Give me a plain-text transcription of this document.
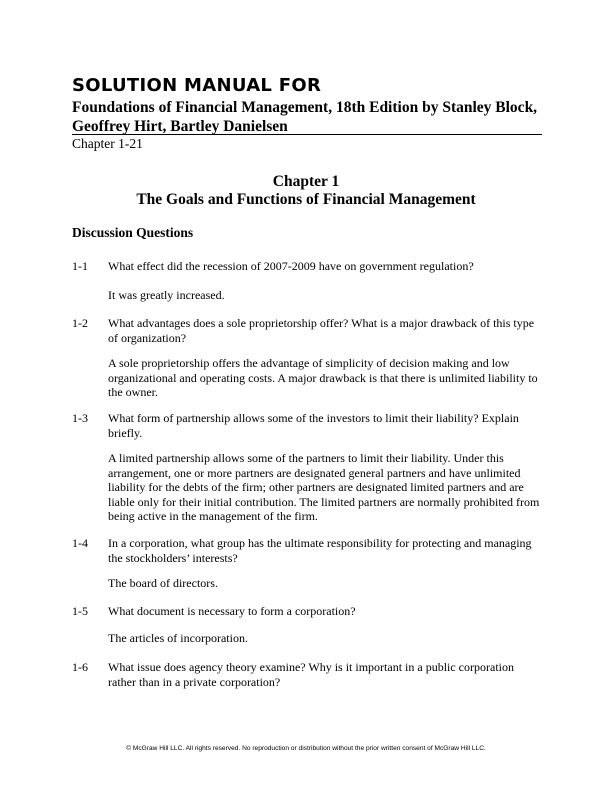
SOLUTION MANUAL FOR
Foundations of Financial Management, 18th Edition by Stanley Block, Geoffrey Hirt, Bartley Danielsen
Chapter 1-21
Chapter 1
The Goals and Functions of Financial Management
Discussion Questions
1-1 What effect did the recession of 2007-2009 have on government regulation?
It was greatly increased.
1-2 What advantages does a sole proprietorship offer? What is a major drawback of this type of organization?
A sole proprietorship offers the advantage of simplicity of decision making and low organizational and operating costs. A major drawback is that there is unlimited liability to the owner.
1-3 What form of partnership allows some of the investors to limit their liability? Explain briefly.
A limited partnership allows some of the partners to limit their liability. Under this arrangement, one or more partners are designated general partners and have unlimited liability for the debts of the firm; other partners are designated limited partners and are liable only for their initial contribution. The limited partners are normally prohibited from being active in the management of the firm.
1-4 In a corporation, what group has the ultimate responsibility for protecting and managing the stockholders’ interests?
The board of directors.
1-5 What document is necessary to form a corporation?
The articles of incorporation.
1-6 What issue does agency theory examine? Why is it important in a public corporation rather than in a private corporation?
© McGraw Hill LLC. All rights reserved. No reproduction or distribution without the prior written consent of McGraw Hill LLC.
